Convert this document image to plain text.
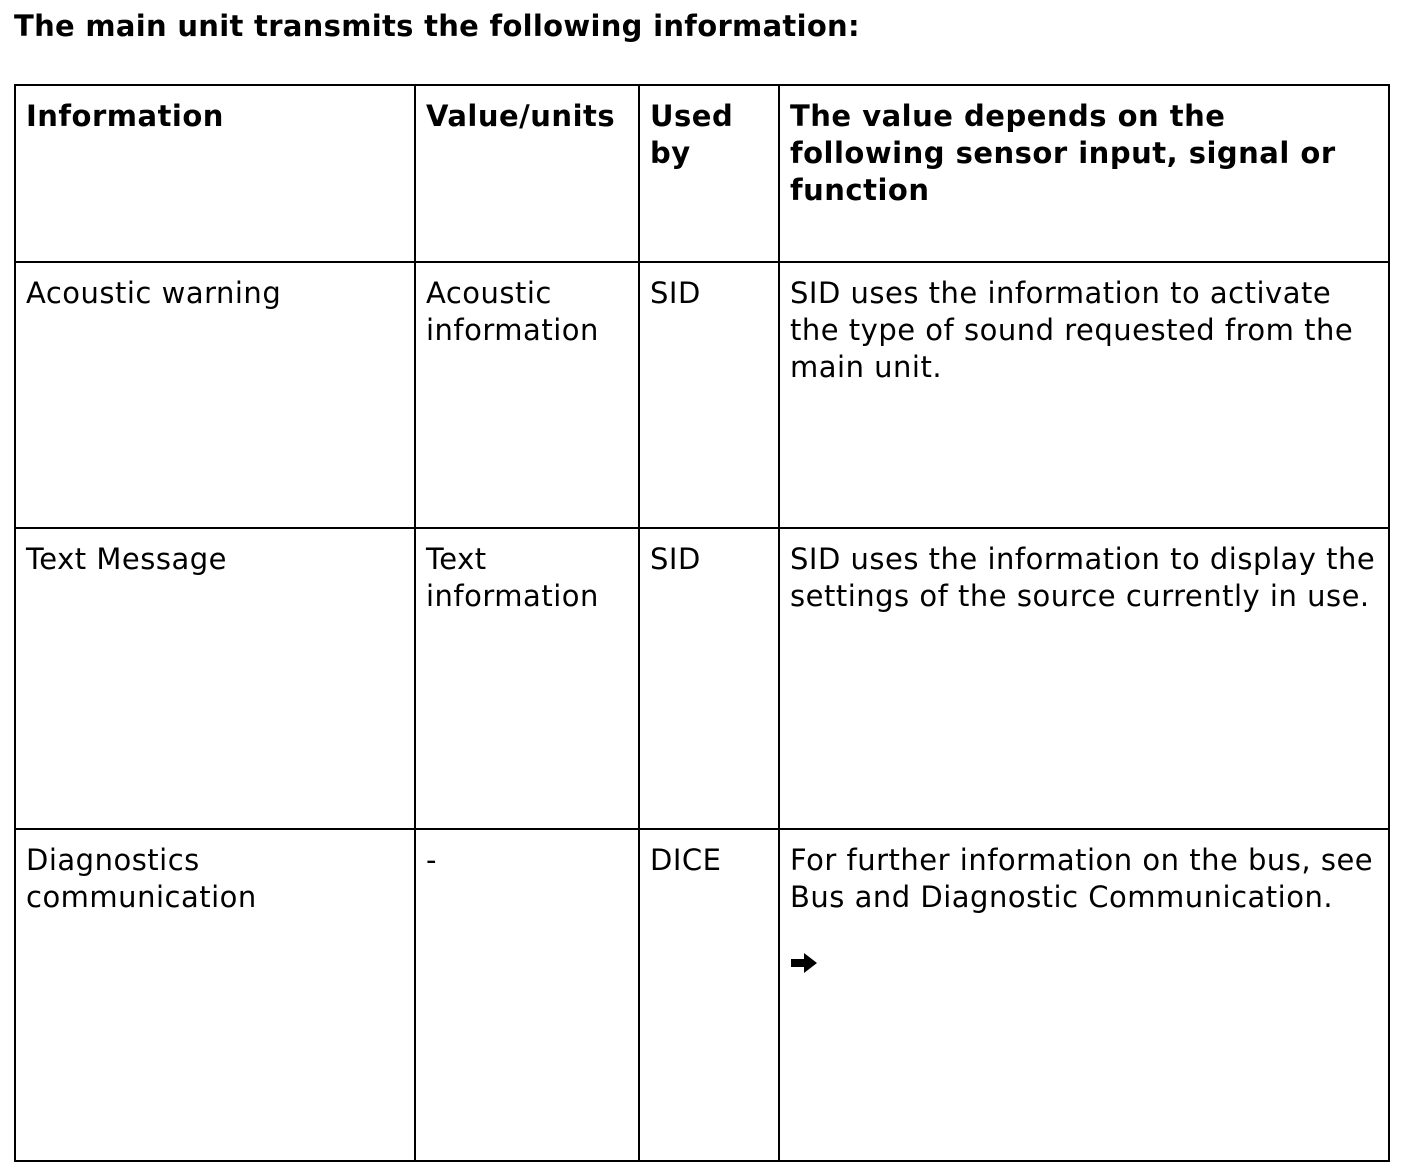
The main unit transmits the following information:
Information	Value/units	Used by	The value depends on the following sensor input, signal or function
Acoustic warning	Acoustic information	SID	SID uses the information to activate the type of sound requested from the main unit.
Text Message	Text information	SID	SID uses the information to display the settings of the source currently in use.
Diagnostics communication	-	DICE	For further information on the bus, see Bus and Diagnostic Communication.
